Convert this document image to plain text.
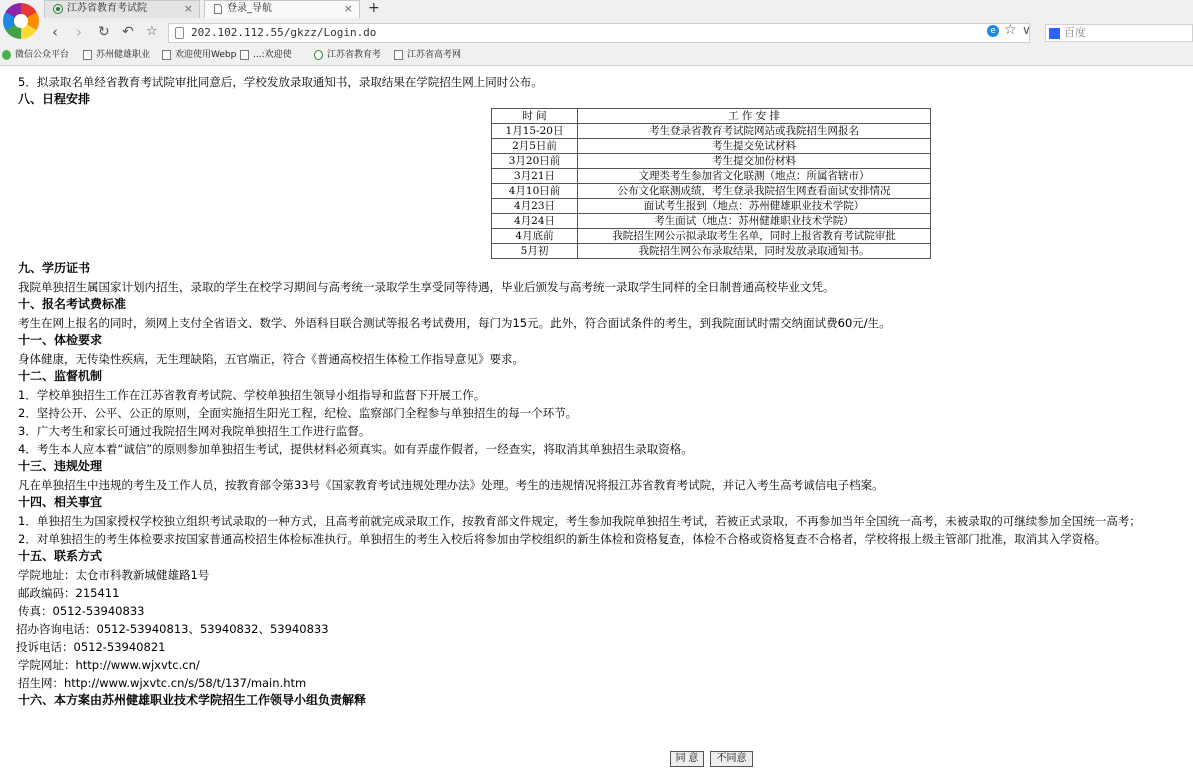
江苏省教育考试院	×	登录_导航	× +
‹ › ↻ ↶ ☆	202.102.112.55/gkzz/Login.do	e ☆ ∨	百度
微信公众平台	苏州健雄职业	欢迎使用Webp	...:欢迎使	江苏省教育考	江苏省高考网
5．拟录取名单经省教育考试院审批同意后，学校发放录取通知书，录取结果在学院招生网上同时公布。
八、日程安排
时 间	工 作 安 排
1月15-20日	考生登录省教育考试院网站或我院招生网报名
2月5日前	考生提交免试材料
3月20日前	考生提交加份材料
3月21日	文理类考生参加省文化联测（地点：所属省辖市）
4月10日前	公布文化联测成绩，考生登录我院招生网查看面试安排情况
4月23日	面试考生报到（地点：苏州健雄职业技术学院）
4月24日	考生面试（地点：苏州健雄职业技术学院）
4月底前	我院招生网公示拟录取考生名单，同时上报省教育考试院审批
5月初	我院招生网公布录取结果，同时发放录取通知书。
九、学历证书
我院单独招生属国家计划内招生，录取的学生在校学习期间与高考统一录取学生享受同等待遇，毕业后颁发与高考统一录取学生同样的全日制普通高校毕业文凭。
十、报名考试费标准
考生在网上报名的同时，须网上支付全省语文、数学、外语科目联合测试等报名考试费用，每门为15元。此外，符合面试条件的考生，到我院面试时需交纳面试费60元/生。
十一、体检要求
身体健康，无传染性疾病，无生理缺陷，五官端正，符合《普通高校招生体检工作指导意见》要求。
十二、监督机制
1．学校单独招生工作在江苏省教育考试院、学校单独招生领导小组指导和监督下开展工作。
2．坚持公开、公平、公正的原则，全面实施招生阳光工程，纪检、监察部门全程参与单独招生的每一个环节。
3．广大考生和家长可通过我院招生网对我院单独招生工作进行监督。
4．考生本人应本着“诚信”的原则参加单独招生考试，提供材料必须真实。如有弄虚作假者，一经查实，将取消其单独招生录取资格。
十三、违规处理
凡在单独招生中违规的考生及工作人员，按教育部令第33号《国家教育考试违规处理办法》处理。考生的违规情况将报江苏省教育考试院，并记入考生高考诚信电子档案。
十四、相关事宜
1．单独招生为国家授权学校独立组织考试录取的一种方式，且高考前就完成录取工作，按教育部文件规定，考生参加我院单独招生考试，若被正式录取，不再参加当年全国统一高考，未被录取的可继续参加全国统一高考；
2．对单独招生的考生体检要求按国家普通高校招生体检标准执行。单独招生的考生入校后将参加由学校组织的新生体检和资格复查，体检不合格或资格复查不合格者，学校将报上级主管部门批准，取消其入学资格。
十五、联系方式
学院地址：太仓市科教新城健雄路1号
邮政编码：215411
传真：0512-53940833
招办咨询电话：0512-53940813、53940832、53940833
投诉电话：0512-53940821
学院网址：http://www.wjxvtc.cn/
招生网：http://www.wjxvtc.cn/s/58/t/137/main.htm
十六、本方案由苏州健雄职业技术学院招生工作领导小组负责解释
同 意	不同意
